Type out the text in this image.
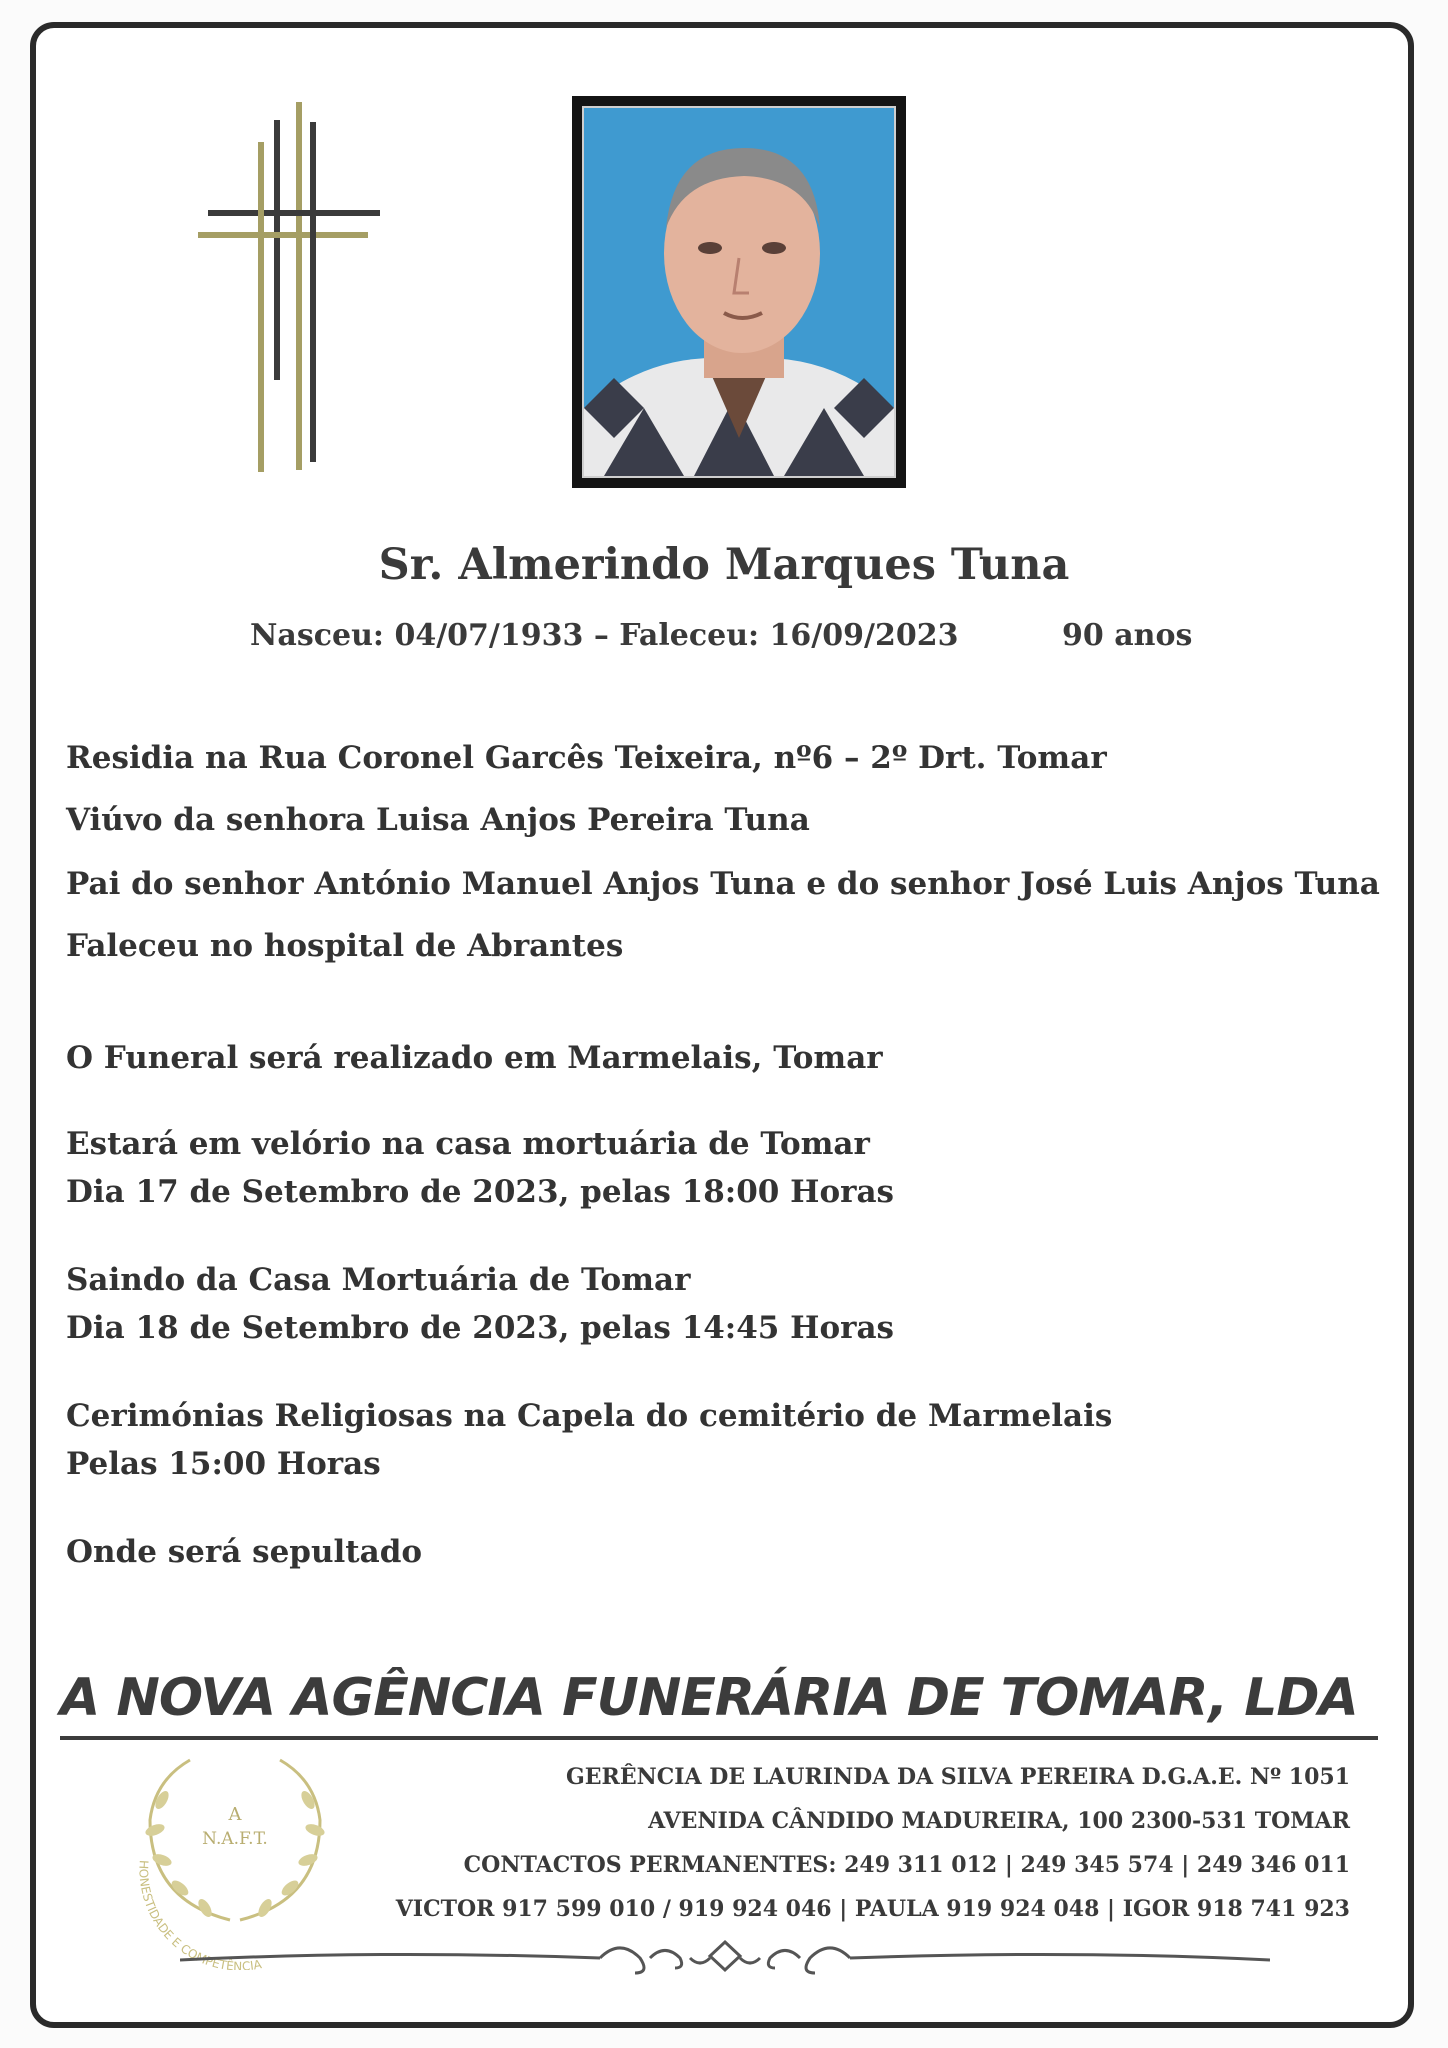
Sr. Almerindo Marques Tuna
Nasceu: 04/07/1933 – Faleceu: 16/09/2023	90 anos
Residia na Rua Coronel Garcês Teixeira, nº6 – 2º Drt. Tomar
Viúvo da senhora Luisa Anjos Pereira Tuna
Pai do senhor António Manuel Anjos Tuna e do senhor José Luis Anjos Tuna
Faleceu no hospital de Abrantes
O Funeral será realizado em Marmelais, Tomar
Estará em velório na casa mortuária de Tomar
Dia 17 de Setembro de 2023, pelas 18:00 Horas
Saindo da Casa Mortuária de Tomar
Dia 18 de Setembro de 2023, pelas 14:45 Horas
Cerimónias Religiosas na Capela do cemitério de Marmelais
Pelas 15:00 Horas
Onde será sepultado
A NOVA AGÊNCIA FUNERÁRIA DE TOMAR, LDA
GERÊNCIA DE LAURINDA DA SILVA PEREIRA D.G.A.E. Nº 1051
AVENIDA CÂNDIDO MADUREIRA, 100 2300-531 TOMAR
CONTACTOS PERMANENTES: 249 311 012 | 249 345 574 | 249 346 011
VICTOR 917 599 010 / 919 924 046 | PAULA 919 924 048 | IGOR 918 741 923
A
N.A.F.T.
HONESTIDADE E COMPETÊNCIA
